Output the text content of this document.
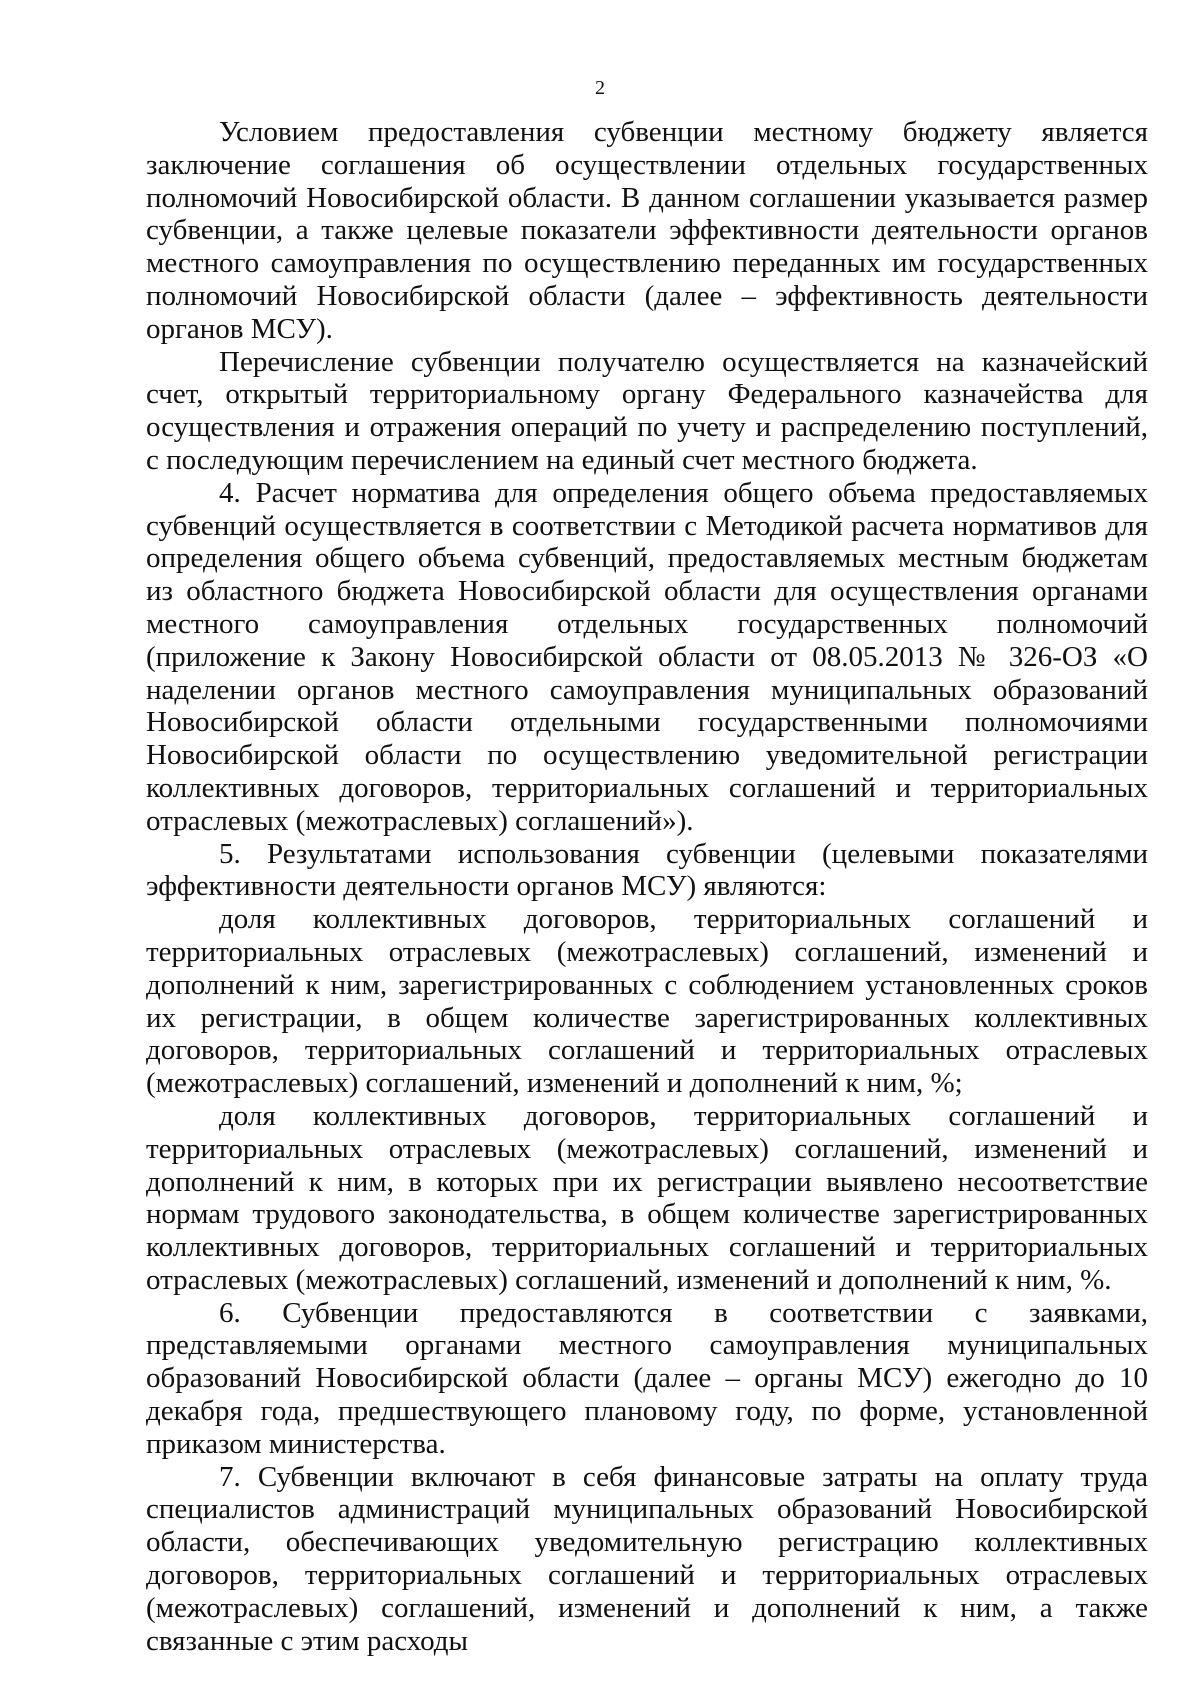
2

Условием предоставления субвенции местному бюджету является заключение соглашения об осуществлении отдельных государственных полномочий Новосибирской области. В данном соглашении указывается размер субвенции, а также целевые показатели эффективности деятельности органов местного самоуправления по осуществлению переданных им государственных полномочий Новосибирской области (далее – эффективность деятельности органов МСУ).

Перечисление субвенции получателю осуществляется на казначейский счет, открытый территориальному органу Федерального казначейства для осуществления и отражения операций по учету и распределению поступлений, с последующим перечислением на единый счет местного бюджета.

4. Расчет норматива для определения общего объема предоставляемых субвенций осуществляется в соответствии с Методикой расчета нормативов для определения общего объема субвенций, предоставляемых местным бюджетам из областного бюджета Новосибирской области для осуществления органами местного самоуправления отдельных государственных полномочий (приложение к Закону Новосибирской области от 08.05.2013 № 326-ОЗ «О наделении органов местного самоуправления муниципальных образований Новосибирской области отдельными государственными полномочиями Новосибирской области по осуществлению уведомительной регистрации коллективных договоров, территориальных соглашений и территориальных отраслевых (межотраслевых) соглашений»).

5. Результатами использования субвенции (целевыми показателями эффективности деятельности органов МСУ) являются:

доля коллективных договоров, территориальных соглашений и территориальных отраслевых (межотраслевых) соглашений, изменений и дополнений к ним, зарегистрированных с соблюдением установленных сроков их регистрации, в общем количестве зарегистрированных коллективных договоров, территориальных соглашений и территориальных отраслевых (межотраслевых) соглашений, изменений и дополнений к ним, %;

доля коллективных договоров, территориальных соглашений и территориальных отраслевых (межотраслевых) соглашений, изменений и дополнений к ним, в которых при их регистрации выявлено несоответствие нормам трудового законодательства, в общем количестве зарегистрированных коллективных договоров, территориальных соглашений и территориальных отраслевых (межотраслевых) соглашений, изменений и дополнений к ним, %.

6. Субвенции предоставляются в соответствии с заявками, представляемыми органами местного самоуправления муниципальных образований Новосибирской области (далее – органы МСУ) ежегодно до 10 декабря года, предшествующего плановому году, по форме, установленной приказом министерства.

7. Субвенции включают в себя финансовые затраты на оплату труда специалистов администраций муниципальных образований Новосибирской области, обеспечивающих уведомительную регистрацию коллективных договоров, территориальных соглашений и территориальных отраслевых (межотраслевых) соглашений, изменений и дополнений к ним, а также связанные с этим расходы
